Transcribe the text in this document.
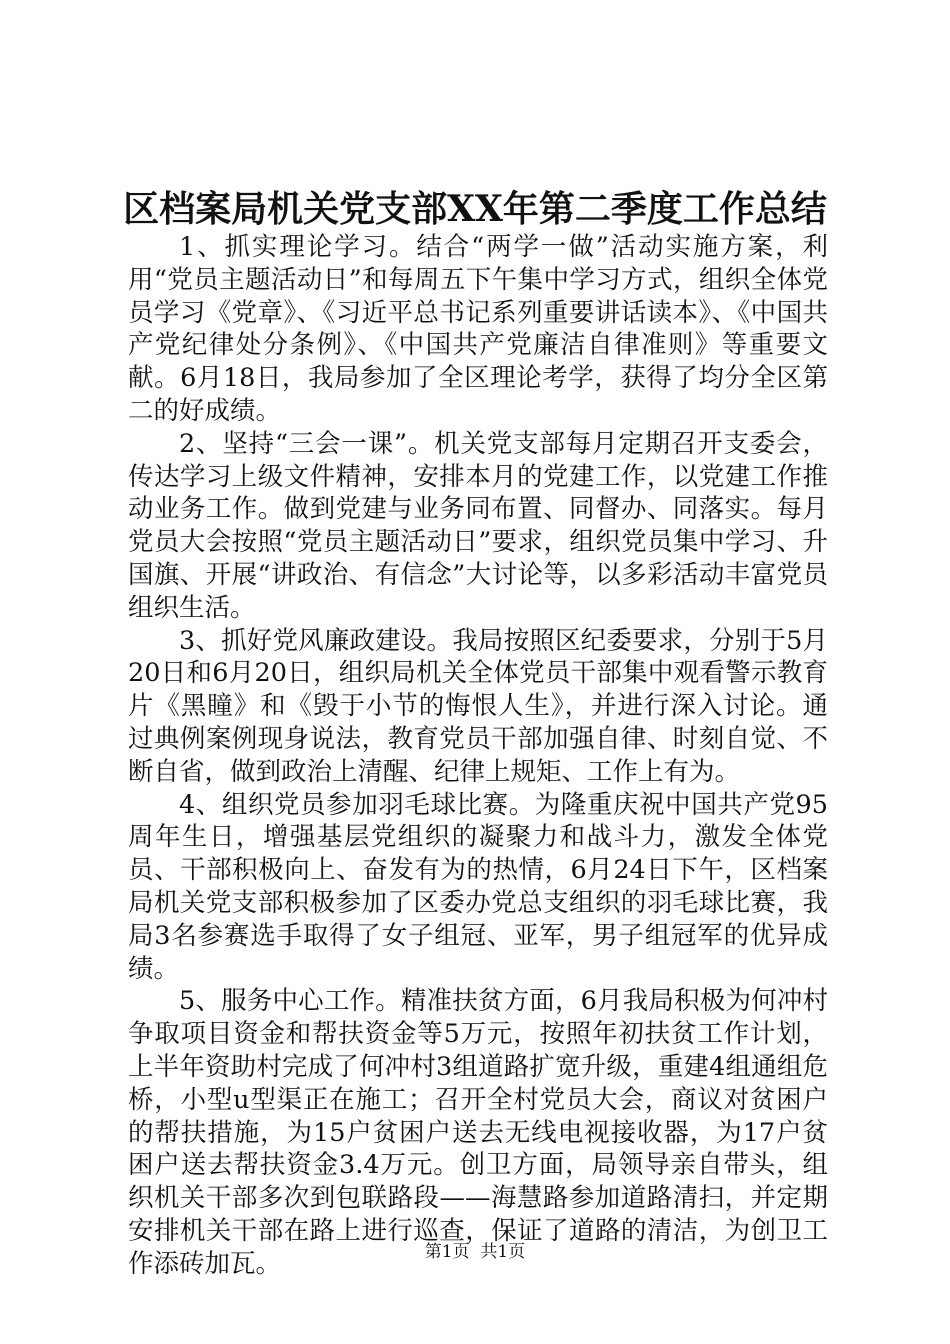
区档案局机关党支部XX年第二季度工作总结

1、抓实理论学习。结合“两学一做”活动实施方案，利用“党员主题活动日”和每周五下午集中学习方式，组织全体党员学习《党章》、《习近平总书记系列重要讲话读本》、《中国共产党纪律处分条例》、《中国共产党廉洁自律准则》等重要文献。6月18日，我局参加了全区理论考学，获得了均分全区第二的好成绩。

2、坚持“三会一课”。机关党支部每月定期召开支委会，传达学习上级文件精神，安排本月的党建工作，以党建工作推动业务工作。做到党建与业务同布置、同督办、同落实。每月党员大会按照“党员主题活动日”要求，组织党员集中学习、升国旗、开展“讲政治、有信念”大讨论等，以多彩活动丰富党员组织生活。

3、抓好党风廉政建设。我局按照区纪委要求，分别于5月20日和6月20日，组织局机关全体党员干部集中观看警示教育片《黑瞳》和《毁于小节的悔恨人生》，并进行深入讨论。通过典例案例现身说法，教育党员干部加强自律、时刻自觉、不断自省，做到政治上清醒、纪律上规矩、工作上有为。

4、组织党员参加羽毛球比赛。为隆重庆祝中国共产党95周年生日，增强基层党组织的凝聚力和战斗力，激发全体党员、干部积极向上、奋发有为的热情，6月24日下午，区档案局机关党支部积极参加了区委办党总支组织的羽毛球比赛，我局3名参赛选手取得了女子组冠、亚军，男子组冠军的优异成绩。

5、服务中心工作。精准扶贫方面，6月我局积极为何冲村争取项目资金和帮扶资金等5万元，按照年初扶贫工作计划，上半年资助村完成了何冲村3组道路扩宽升级，重建4组通组危桥，小型u型渠正在施工；召开全村党员大会，商议对贫困户的帮扶措施，为15户贫困户送去无线电视接收器，为17户贫困户送去帮扶资金3.4万元。创卫方面，局领导亲自带头，组织机关干部多次到包联路段——海慧路参加道路清扫，并定期安排机关干部在路上进行巡查，保证了道路的清洁，为创卫工作添砖加瓦。	第1页 共1页
